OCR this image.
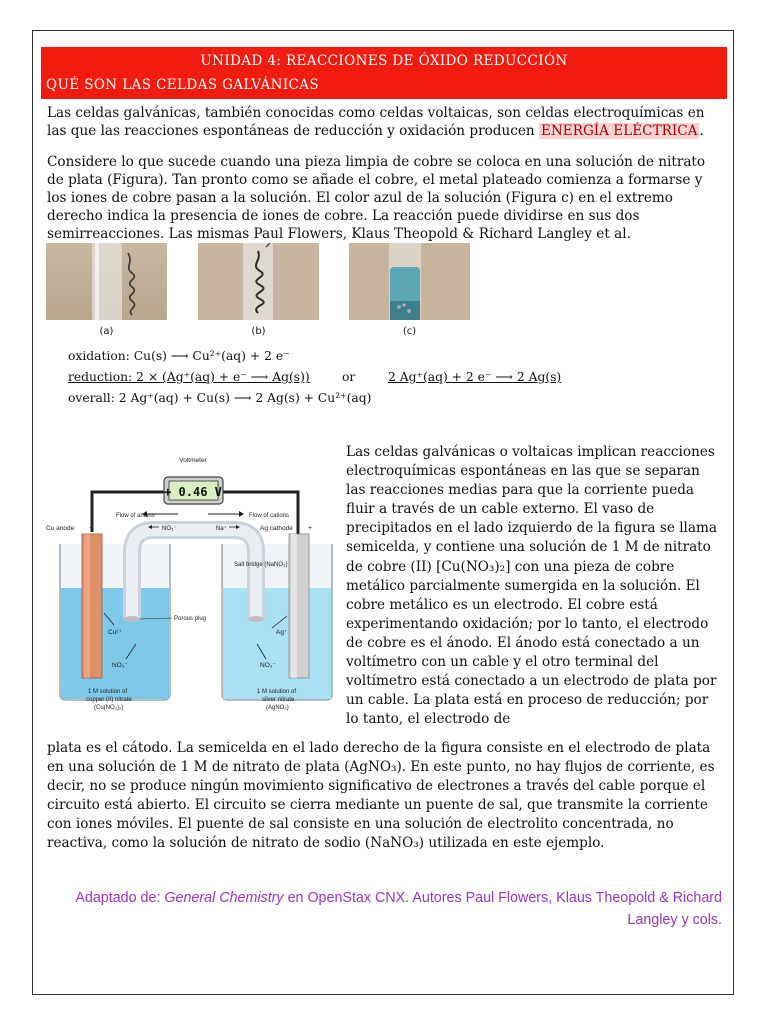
UNIDAD 4: REACCIONES DE ÓXIDO REDUCCIÓN
QUÉ SON LAS CELDAS GALVÁNICAS
Las celdas galvánicas, también conocidas como celdas voltaicas, son celdas electroquímicas en las que las reacciones espontáneas de reducción y oxidación producen ENERGÍA ELÉCTRICA .
Considere lo que sucede cuando una pieza limpia de cobre se coloca en una solución de nitrato de plata (Figura). Tan pronto como se añade el cobre, el metal plateado comienza a formarse y los iones de cobre pasan a la solución. El color azul de la solución (Figura c) en el extremo derecho indica la presencia de iones de cobre. La reacción puede dividirse en sus dos semirreacciones. Las mismas Paul Flowers, Klaus Theopold & Richard Langley et al.
(a)	(b)	(c)
oxidation: Cu(s) ⟶ Cu²⁺(aq) + 2 e⁻
reduction: 2 × (Ag⁺(aq) + e⁻ ⟶ Ag(s))	or	2 Ag⁺(aq) + 2 e⁻ ⟶ 2 Ag(s)
overall: 2 Ag⁺(aq) + Cu(s) ⟶ 2 Ag(s) + Cu²⁺(aq)
Voltmeter
+ 0.46 V
Flow of anions	Flow of cations
Cu anode −	Ag cathode +
NO₃⁻	Na⁺
Salt bridge (NaNO₃)
Cu²⁺
NO₃⁻
Ag⁺
NO₃⁻
Porous plug
1 M solution of
copper (II) nitrate
(Cu(NO₃)₂)
1 M solution of
silver nitrate
(AgNO₃)
Las celdas galvánicas o voltaicas implican reacciones electroquímicas espontáneas en las que se separan las reacciones medias para que la corriente pueda fluir a través de un cable externo. El vaso de precipitados en el lado izquierdo de la figura se llama semicelda, y contiene una solución de 1 M de nitrato de cobre (II) [Cu(NO₃)₂] con una pieza de cobre metálico parcialmente sumergida en la solución. El cobre metálico es un electrodo. El cobre está experimentando oxidación; por lo tanto, el electrodo de cobre es el ánodo. El ánodo está conectado a un voltímetro con un cable y el otro terminal del voltímetro está conectado a un electrodo de plata por un cable. La plata está en proceso de reducción; por lo tanto, el electrodo de
plata es el cátodo. La semicelda en el lado derecho de la figura consiste en el electrodo de plata en una solución de 1 M de nitrato de plata (AgNO₃). En este punto, no hay flujos de corriente, es decir, no se produce ningún movimiento significativo de electrones a través del cable porque el circuito está abierto. El circuito se cierra mediante un puente de sal, que transmite la corriente con iones móviles. El puente de sal consiste en una solución de electrolito concentrada, no reactiva, como la solución de nitrato de sodio (NaNO₃) utilizada en este ejemplo.
Adaptado de: General Chemistry en OpenStax CNX. Autores Paul Flowers, Klaus Theopold & Richard Langley y cols.
